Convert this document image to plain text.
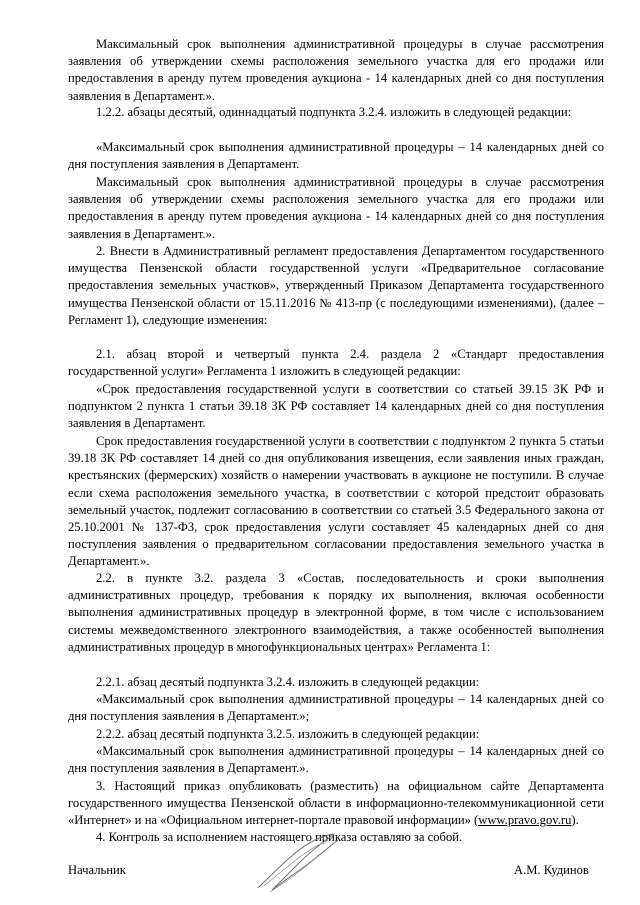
Максимальный срок выполнения административной процедуры в случае рассмотрения заявления об утверждении схемы расположения земельного участка для его продажи или предоставления в аренду путем проведения аукциона - 14 календарных дней со дня поступления заявления в Департамент.».

1.2.2. абзацы десятый, одиннадцатый подпункта 3.2.4. изложить в следующей редакции:

«Максимальный срок выполнения административной процедуры – 14 календарных дней со дня поступления заявления в Департамент.

Максимальный срок выполнения административной процедуры в случае рассмотрения заявления об утверждении схемы расположения земельного участка для его продажи или предоставления в аренду путем проведения аукциона - 14 календарных дней со дня поступления заявления в Департамент.».

2. Внести в Административный регламент предоставления Департаментом государственного имущества Пензенской области государственной услуги «Предварительное согласование предоставления земельных участков», утвержденный Приказом Департамента государственного имущества Пензенской области от 15.11.2016 № 413-пр (с последующими изменениями), (далее – Регламент 1), следующие изменения:

2.1. абзац второй и четвертый пункта 2.4. раздела 2 «Стандарт предоставления государственной услуги» Регламента 1 изложить в следующей редакции:

«Срок предоставления государственной услуги в соответствии со статьей 39.15 ЗК РФ и подпунктом 2 пункта 1 статьи 39.18 ЗК РФ составляет 14 календарных дней со дня поступления заявления в Департамент.

Срок предоставления государственной услуги в соответствии с подпунктом 2 пункта 5 статьи 39.18 ЗК РФ составляет 14 дней со дня опубликования извещения, если заявления иных граждан, крестьянских (фермерских) хозяйств о намерении участвовать в аукционе не поступили. В случае если схема расположения земельного участка, в соответствии с которой предстоит образовать земельный участок, подлежит согласованию в соответствии со статьей 3.5 Федерального закона от 25.10.2001 № 137-ФЗ, срок предоставления услуги составляет 45 календарных дней со дня поступления заявления о предварительном согласовании предоставления земельного участка в Департамент.».

2.2. в пункте 3.2. раздела 3 «Состав, последовательность и сроки выполнения административных процедур, требования к порядку их выполнения, включая особенности выполнения административных процедур в электронной форме, в том числе с использованием системы межведомственного электронного взаимодействия, а также особенностей выполнения административных процедур в многофункциональных центрах» Регламента 1:

2.2.1. абзац десятый подпункта 3.2.4. изложить в следующей редакции:

«Максимальный срок выполнения административной процедуры – 14 календарных дней со дня поступления заявления в Департамент.»;

2.2.2. абзац десятый подпункта 3.2.5. изложить в следующей редакции:

«Максимальный срок выполнения административной процедуры – 14 календарных дней со дня поступления заявления в Департамент.».

3. Настоящий приказ опубликовать (разместить) на официальном сайте Департамента государственного имущества Пензенской области в информационно-телекоммуникационной сети «Интернет» и на «Официальном интернет-портале правовой информации» (www.pravo.gov.ru).

4. Контроль за исполнением настоящего приказа оставляю за собой.

Начальник	А.М. Кудинов
